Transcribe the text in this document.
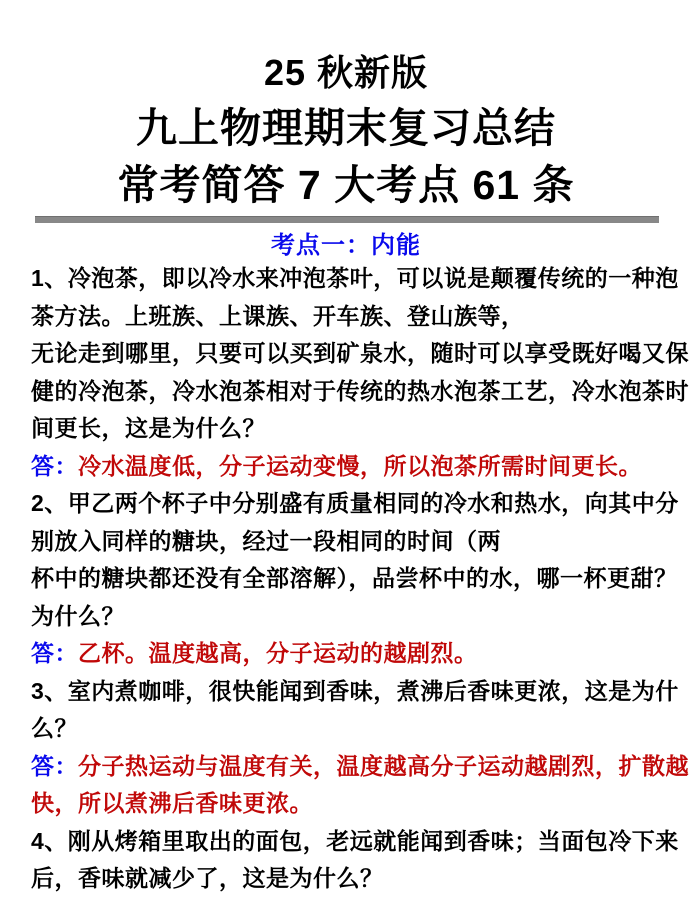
25 秋新版
九上物理期末复习总结
常考简答 7 大考点 61 条
考点一：内能
1、冷泡茶，即以冷水来冲泡茶叶，可以说是颠覆传统的一种泡
茶方法。上班族、上课族、开车族、登山族等，
无论走到哪里，只要可以买到矿泉水，随时可以享受既好喝又保
健的冷泡茶，冷水泡茶相对于传统的热水泡茶工艺，冷水泡茶时
间更长，这是为什么？
答：冷水温度低，分子运动变慢，所以泡茶所需时间更长。
2、甲乙两个杯子中分别盛有质量相同的冷水和热水，向其中分
别放入同样的糖块，经过一段相同的时间（两
杯中的糖块都还没有全部溶解），品尝杯中的水，哪一杯更甜？
为什么？
答：乙杯。温度越高，分子运动的越剧烈。
3、室内煮咖啡，很快能闻到香味，煮沸后香味更浓，这是为什
么？
答：分子热运动与温度有关，温度越高分子运动越剧烈，扩散越
快，所以煮沸后香味更浓。
4、刚从烤箱里取出的面包，老远就能闻到香味；当面包冷下来
后，香味就减少了，这是为什么？
